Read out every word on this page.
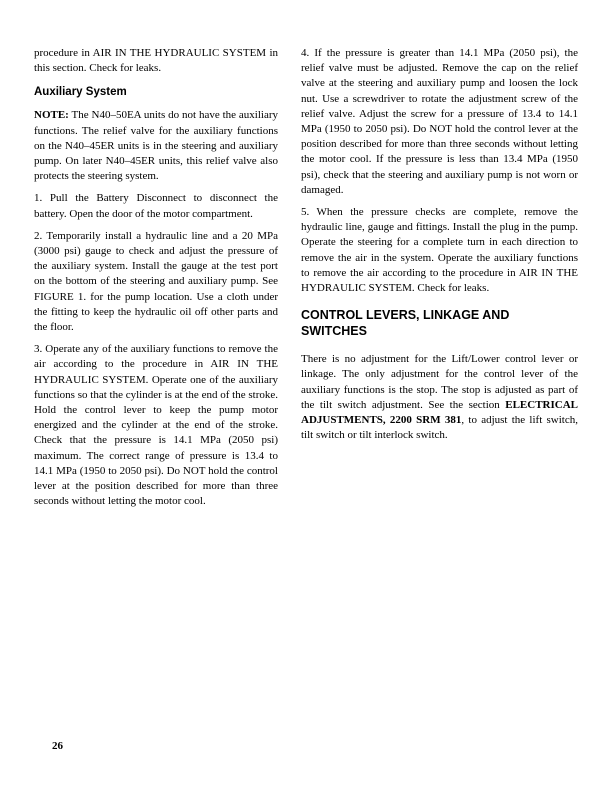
procedure in AIR IN THE HYDRAULIC SYSTEM in this section. Check for leaks.

Auxiliary System

NOTE: The N40–50EA units do not have the auxiliary functions. The relief valve for the auxiliary functions on the N40–45ER units is in the steering and auxiliary pump. On later N40–45ER units, this relief valve also protects the steering system.

1. Pull the Battery Disconnect to disconnect the battery. Open the door of the motor compartment.

2. Temporarily install a hydraulic line and a 20 MPa (3000 psi) gauge to check and adjust the pressure of the auxiliary system. Install the gauge at the test port on the bottom of the steering and auxiliary pump. See FIGURE 1. for the pump location. Use a cloth under the fitting to keep the hydraulic oil off other parts and the floor.

3. Operate any of the auxiliary functions to remove the air according to the procedure in AIR IN THE HYDRAULIC SYSTEM. Operate one of the auxiliary functions so that the cylinder is at the end of the stroke. Hold the control lever to keep the pump motor energized and the cylinder at the end of the stroke. Check that the pressure is 14.1 MPa (2050 psi) maximum. The correct range of pressure is 13.4 to 14.1 MPa (1950 to 2050 psi). Do NOT hold the control lever at the position described for more than three seconds without letting the motor cool.

4. If the pressure is greater than 14.1 MPa (2050 psi), the relief valve must be adjusted. Remove the cap on the relief valve at the steering and auxiliary pump and loosen the lock nut. Use a screwdriver to rotate the adjustment screw of the relief valve. Adjust the screw for a pressure of 13.4 to 14.1 MPa (1950 to 2050 psi). Do NOT hold the control lever at the position described for more than three seconds without letting the motor cool. If the pressure is less than 13.4 MPa (1950 psi), check that the steering and auxiliary pump is not worn or damaged.

5. When the pressure checks are complete, remove the hydraulic line, gauge and fittings. Install the plug in the pump. Operate the steering for a complete turn in each direction to remove the air in the system. Operate the auxiliary functions to remove the air according to the procedure in AIR IN THE HYDRAULIC SYSTEM. Check for leaks.

CONTROL LEVERS, LINKAGE AND SWITCHES

There is no adjustment for the Lift/Lower control lever or linkage. The only adjustment for the control lever of the auxiliary functions is the stop. The stop is adjusted as part of the tilt switch adjustment. See the section ELECTRICAL ADJUSTMENTS, 2200 SRM 381, to adjust the lift switch, tilt switch or tilt interlock switch.

26
